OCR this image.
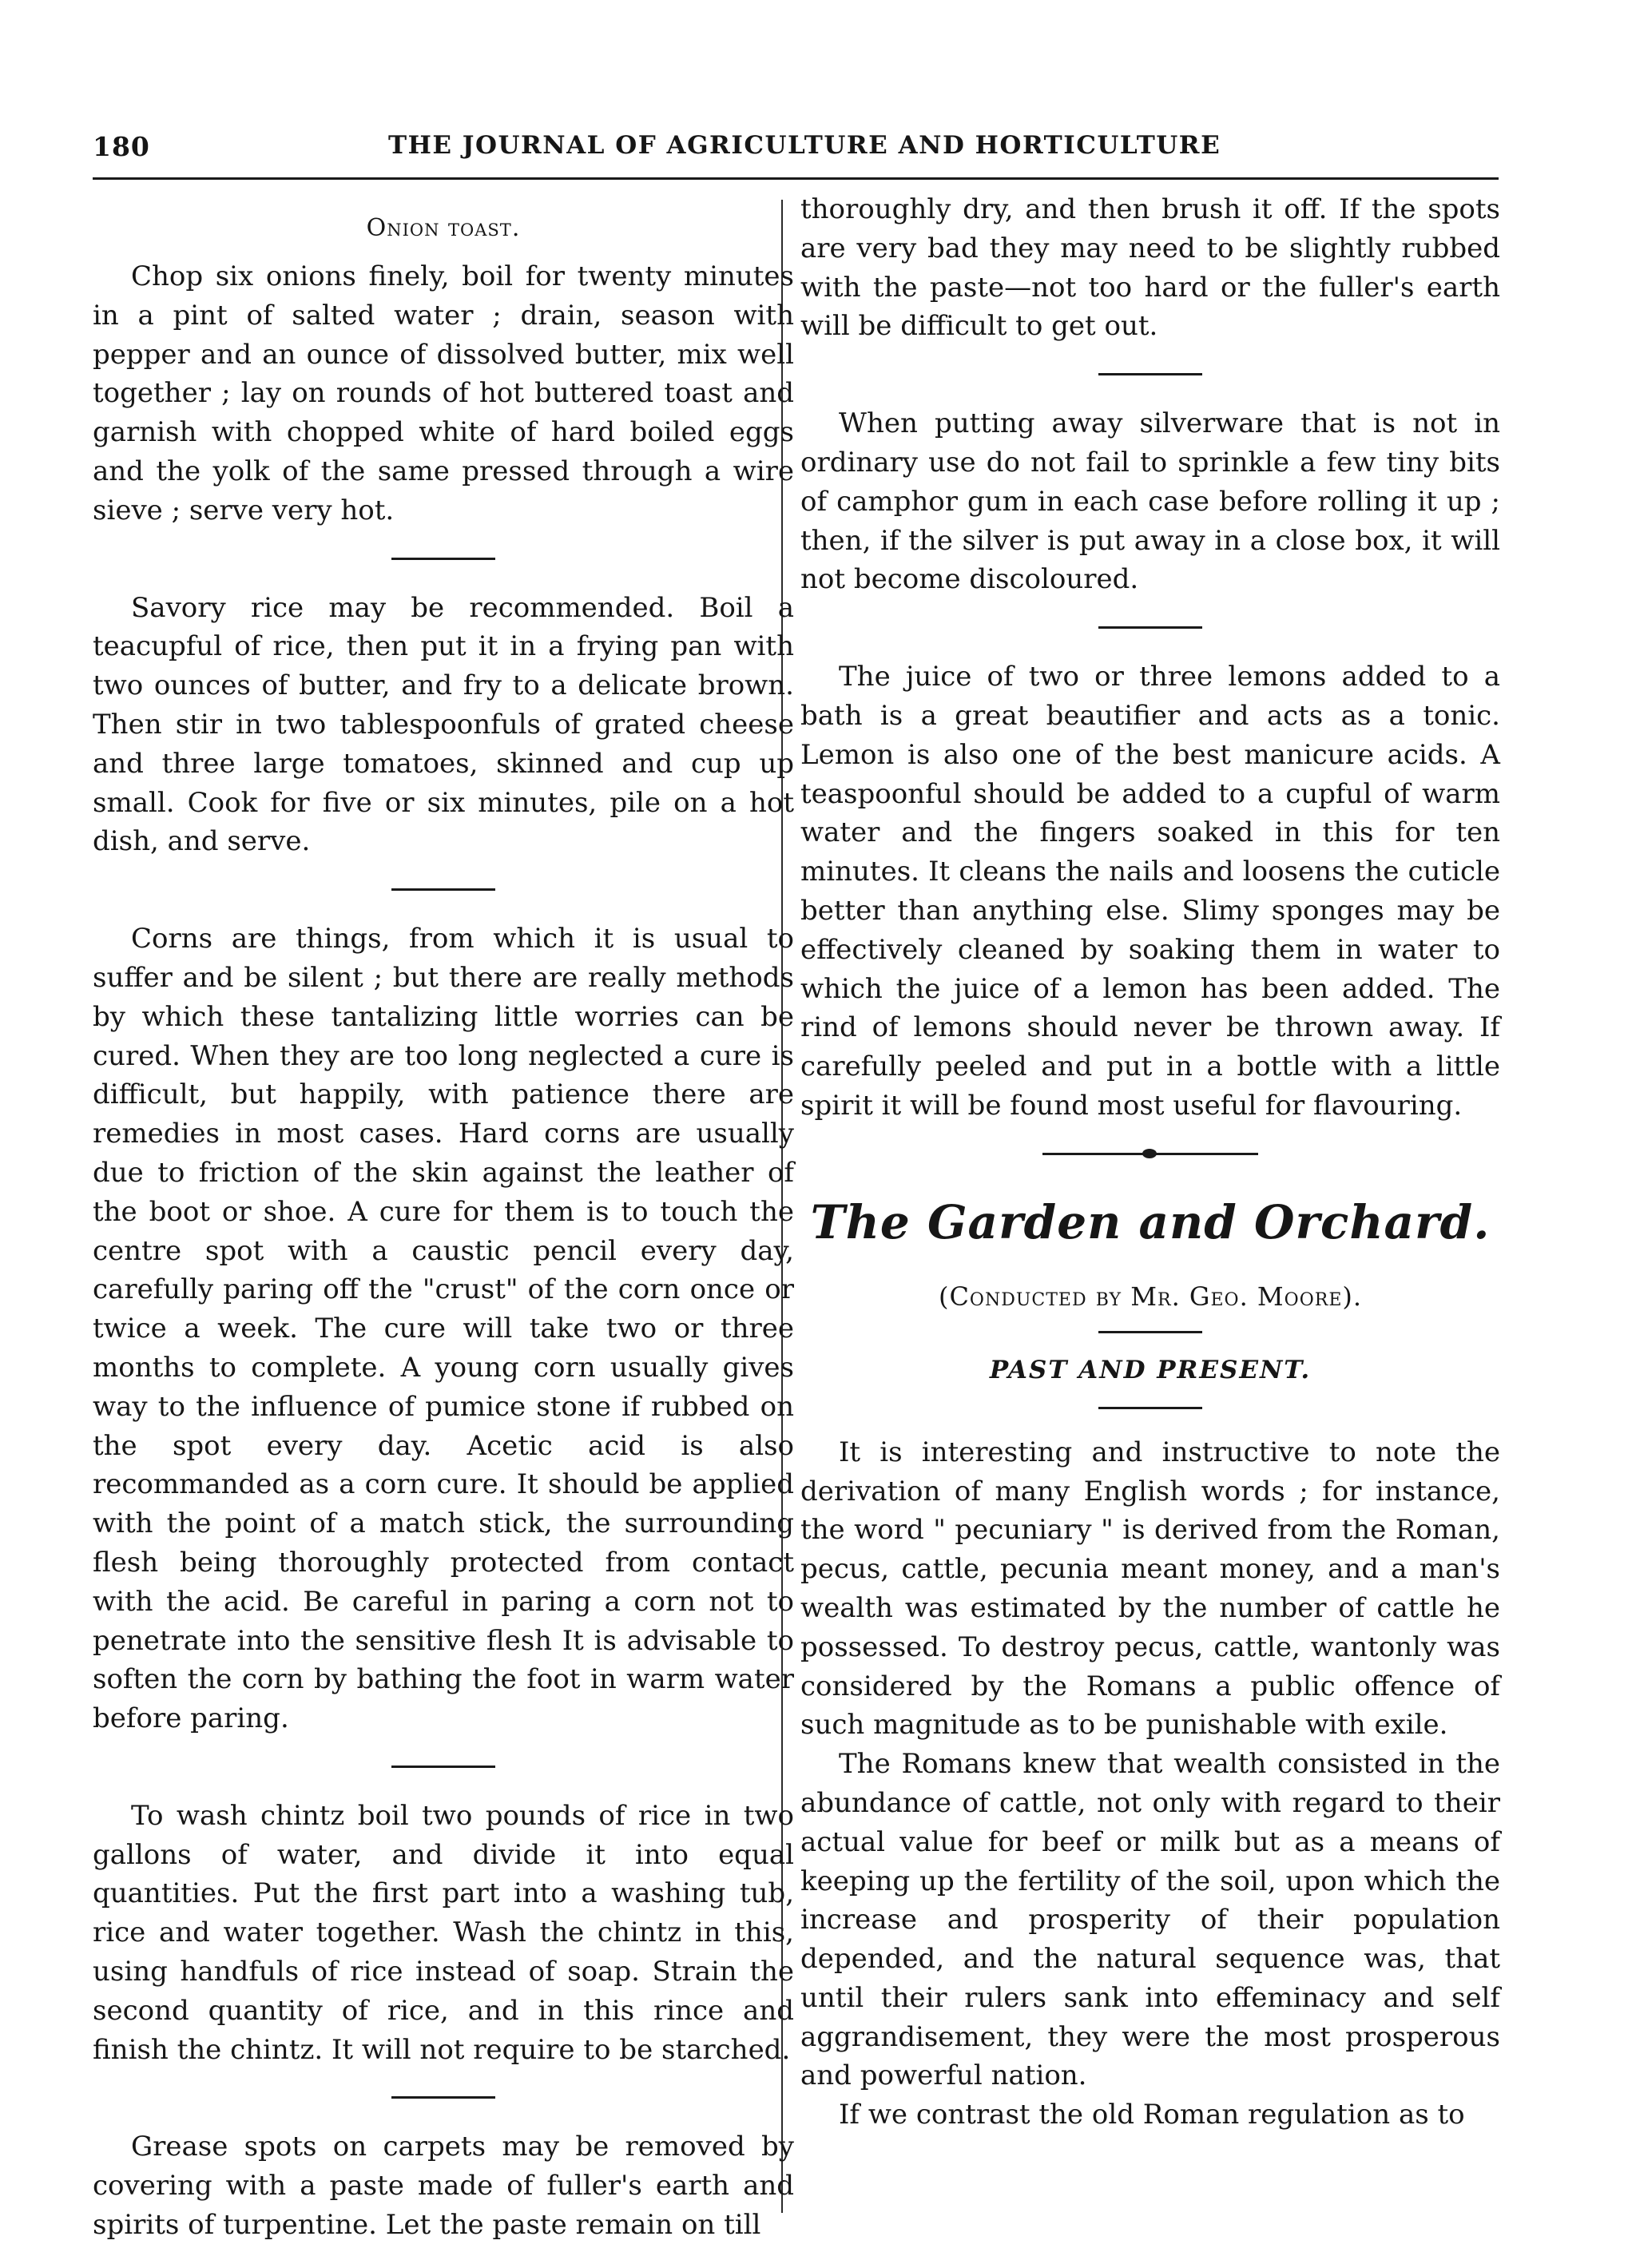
180	THE JOURNAL OF AGRICULTURE AND HORTICULTURE
Onion toast.

Chop six onions finely, boil for twenty minutes in a pint of salted water ; drain, season with pepper and an ounce of dissolved butter, mix well together ; lay on rounds of hot buttered toast and garnish with chopped white of hard boiled eggs and the yolk of the same pressed through a wire sieve ; serve very hot.

Savory rice may be recommended. Boil a teacupful of rice, then put it in a frying pan with two ounces of butter, and fry to a delicate brown. Then stir in two tablespoonfuls of grated cheese and three large tomatoes, skinned and cup up small. Cook for five or six minutes, pile on a hot dish, and serve.

Corns are things, from which it is usual to suffer and be silent ; but there are really methods by which these tantalizing little worries can be cured. When they are too long neglected a cure is difficult, but happily, with patience there are remedies in most cases. Hard corns are usually due to friction of the skin against the leather of the boot or shoe. A cure for them is to touch the centre spot with a caustic pencil every day, carefully paring off the "crust" of the corn once or twice a week. The cure will take two or three months to complete. A young corn usually gives way to the influence of pumice stone if rubbed on the spot every day. Acetic acid is also recommanded as a corn cure. It should be applied with the point of a match stick, the surrounding flesh being thoroughly protected from contact with the acid. Be careful in paring a corn not to penetrate into the sensitive flesh It is advisable to soften the corn by bathing the foot in warm water before paring.

To wash chintz boil two pounds of rice in two gallons of water, and divide it into equal quantities. Put the first part into a washing tub, rice and water together. Wash the chintz in this, using handfuls of rice instead of soap. Strain the second quantity of rice, and in this rince and finish the chintz. It will not require to be starched.

Grease spots on carpets may be removed by covering with a paste made of fuller's earth and spirits of turpentine. Let the paste remain on till

thoroughly dry, and then brush it off. If the spots are very bad they may need to be slightly rubbed with the paste—not too hard or the fuller's earth will be difficult to get out.

When putting away silverware that is not in ordinary use do not fail to sprinkle a few tiny bits of camphor gum in each case before rolling it up ; then, if the silver is put away in a close box, it will not become discoloured.

The juice of two or three lemons added to a bath is a great beautifier and acts as a tonic. Lemon is also one of the best manicure acids. A teaspoonful should be added to a cupful of warm water and the fingers soaked in this for ten minutes. It cleans the nails and loosens the cuticle better than anything else. Slimy sponges may be effectively cleaned by soaking them in water to which the juice of a lemon has been added. The rind of lemons should never be thrown away. If carefully peeled and put in a bottle with a little spirit it will be found most useful for flavouring.

The Garden and Orchard.
(Conducted by Mr. Geo. Moore).
PAST AND PRESENT.

It is interesting and instructive to note the derivation of many English words ; for instance, the word " pecuniary " is derived from the Roman, pecus, cattle, pecunia meant money, and a man's wealth was estimated by the number of cattle he possessed. To destroy pecus, cattle, wantonly was considered by the Romans a public offence of such magnitude as to be punishable with exile.

The Romans knew that wealth consisted in the abundance of cattle, not only with regard to their actual value for beef or milk but as a means of keeping up the fertility of the soil, upon which the increase and prosperity of their population depended, and the natural sequence was, that until their rulers sank into effeminacy and self aggrandisement, they were the most prosperous and powerful nation.

If we contrast the old Roman regulation as to
